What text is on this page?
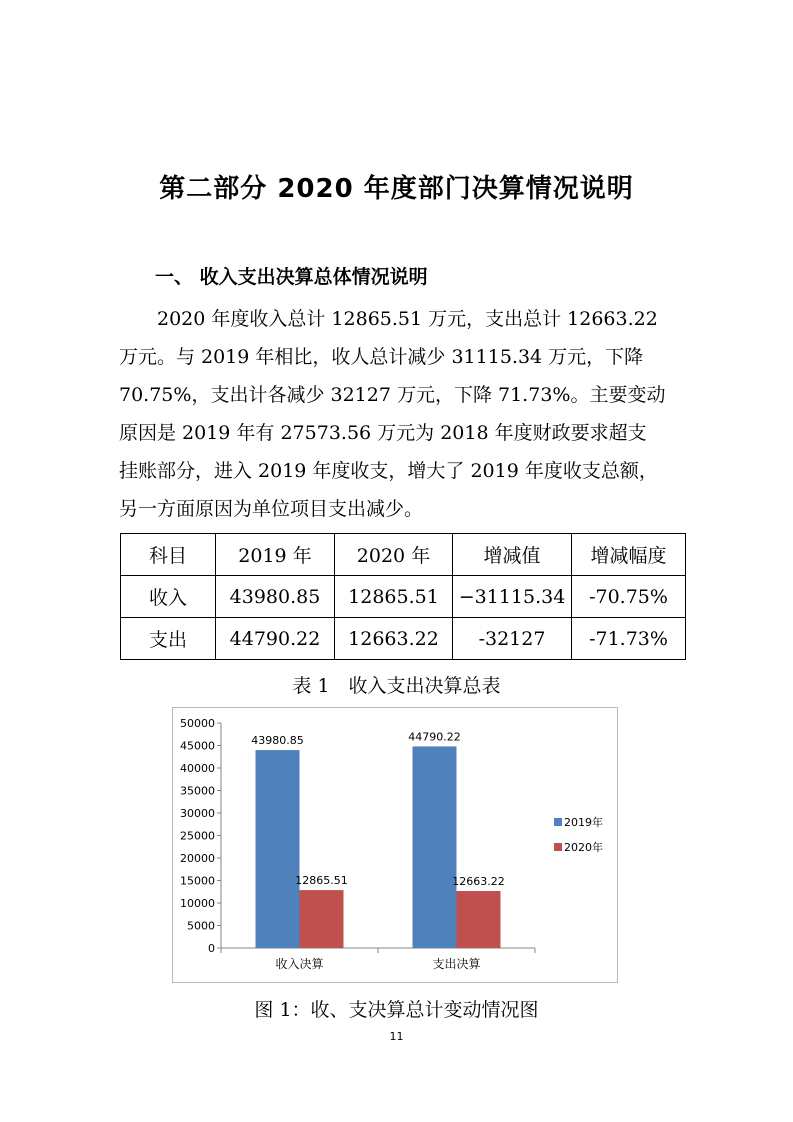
第二部分 2020 年度部门决算情况说明
一、 收入支出决算总体情况说明
　　2020 年度收入总计 12865.51 万元，支出总计 12663.22
万元。与 2019 年相比，收人总计减少 31115.34 万元，下降
70.75%，支出计各减少 32127 万元，下降 71.73%。主要变动
原因是 2019 年有 27573.56 万元为 2018 年度财政要求超支
挂账部分，进入 2019 年度收支，增大了 2019 年度收支总额，
另一方面原因为单位项目支出减少。
科目	2019 年	2020 年	增减值	增减幅度
收入	43980.85	12865.51	−31115.34	-70.75%
支出	44790.22	12663.22	-32127	-71.73%
表 1　收入支出决算总表
0
5000
10000
15000
20000
25000
30000
35000
40000
45000
50000
43980.85
12865.51
收入决算
44790.22
12663.22
支出决算
2019年
2020年
图 1：收、支决算总计变动情况图
11
